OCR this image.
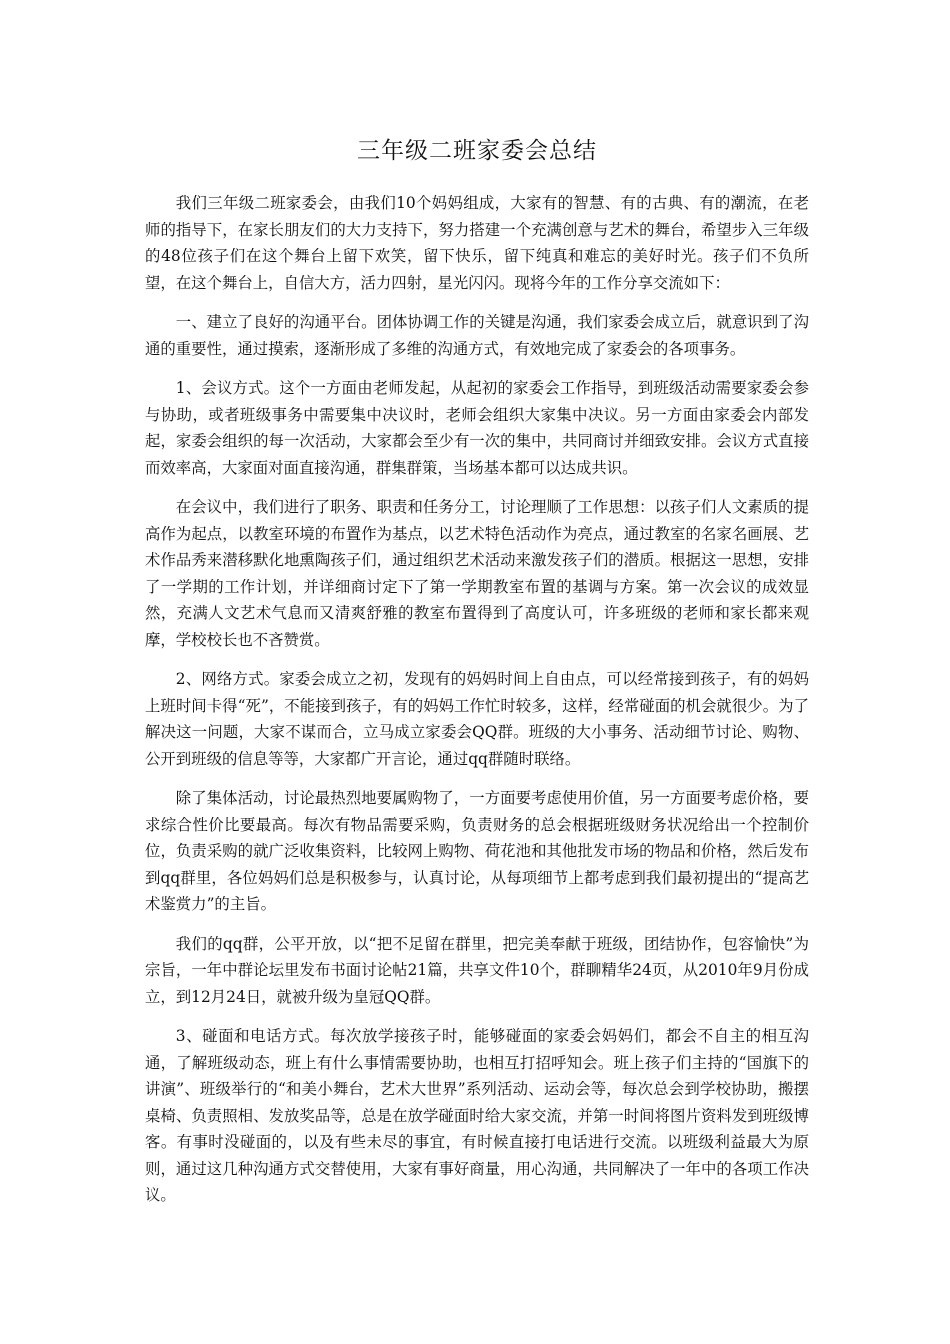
三年级二班家委会总结

我们三年级二班家委会，由我们10个妈妈组成，大家有的智慧、有的古典、有的潮流，在老师的指导下，在家长朋友们的大力支持下，努力搭建一个充满创意与艺术的舞台，希望步入三年级的48位孩子们在这个舞台上留下欢笑，留下快乐，留下纯真和难忘的美好时光。孩子们不负所望，在这个舞台上，自信大方，活力四射，星光闪闪。现将今年的工作分享交流如下：

一、建立了良好的沟通平台。团体协调工作的关键是沟通，我们家委会成立后，就意识到了沟通的重要性，通过摸索，逐渐形成了多维的沟通方式，有效地完成了家委会的各项事务。

1、会议方式。这个一方面由老师发起，从起初的家委会工作指导，到班级活动需要家委会参与协助，或者班级事务中需要集中决议时，老师会组织大家集中决议。另一方面由家委会内部发起，家委会组织的每一次活动，大家都会至少有一次的集中，共同商讨并细致安排。会议方式直接而效率高，大家面对面直接沟通，群集群策，当场基本都可以达成共识。

在会议中，我们进行了职务、职责和任务分工，讨论理顺了工作思想：以孩子们人文素质的提高作为起点，以教室环境的布置作为基点，以艺术特色活动作为亮点，通过教室的名家名画展、艺术作品秀来潜移默化地熏陶孩子们，通过组织艺术活动来激发孩子们的潜质。根据这一思想，安排了一学期的工作计划，并详细商讨定下了第一学期教室布置的基调与方案。第一次会议的成效显然，充满人文艺术气息而又清爽舒雅的教室布置得到了高度认可，许多班级的老师和家长都来观摩，学校校长也不吝赞赏。

2、网络方式。家委会成立之初，发现有的妈妈时间上自由点，可以经常接到孩子，有的妈妈上班时间卡得“死”，不能接到孩子，有的妈妈工作忙时较多，这样，经常碰面的机会就很少。为了解决这一问题，大家不谋而合，立马成立家委会QQ群。班级的大小事务、活动细节讨论、购物、公开到班级的信息等等，大家都广开言论，通过qq群随时联络。

除了集体活动，讨论最热烈地要属购物了，一方面要考虑使用价值，另一方面要考虑价格，要求综合性价比要最高。每次有物品需要采购，负责财务的总会根据班级财务状况给出一个控制价位，负责采购的就广泛收集资料，比较网上购物、荷花池和其他批发市场的物品和价格，然后发布到qq群里，各位妈妈们总是积极参与，认真讨论，从每项细节上都考虑到我们最初提出的“提高艺术鉴赏力”的主旨。

我们的qq群，公平开放，以“把不足留在群里，把完美奉献于班级，团结协作，包容愉快”为宗旨，一年中群论坛里发布书面讨论帖21篇，共享文件10个，群聊精华24页，从2010年9月份成立，到12月24日，就被升级为皇冠QQ群。

3、碰面和电话方式。每次放学接孩子时，能够碰面的家委会妈妈们，都会不自主的相互沟通，了解班级动态，班上有什么事情需要协助，也相互打招呼知会。班上孩子们主持的“国旗下的讲演”、班级举行的“和美小舞台，艺术大世界”系列活动、运动会等，每次总会到学校协助，搬摆桌椅、负责照相、发放奖品等，总是在放学碰面时给大家交流，并第一时间将图片资料发到班级博客。有事时没碰面的，以及有些未尽的事宜，有时候直接打电话进行交流。以班级利益最大为原则，通过这几种沟通方式交替使用，大家有事好商量，用心沟通，共同解决了一年中的各项工作决议。
